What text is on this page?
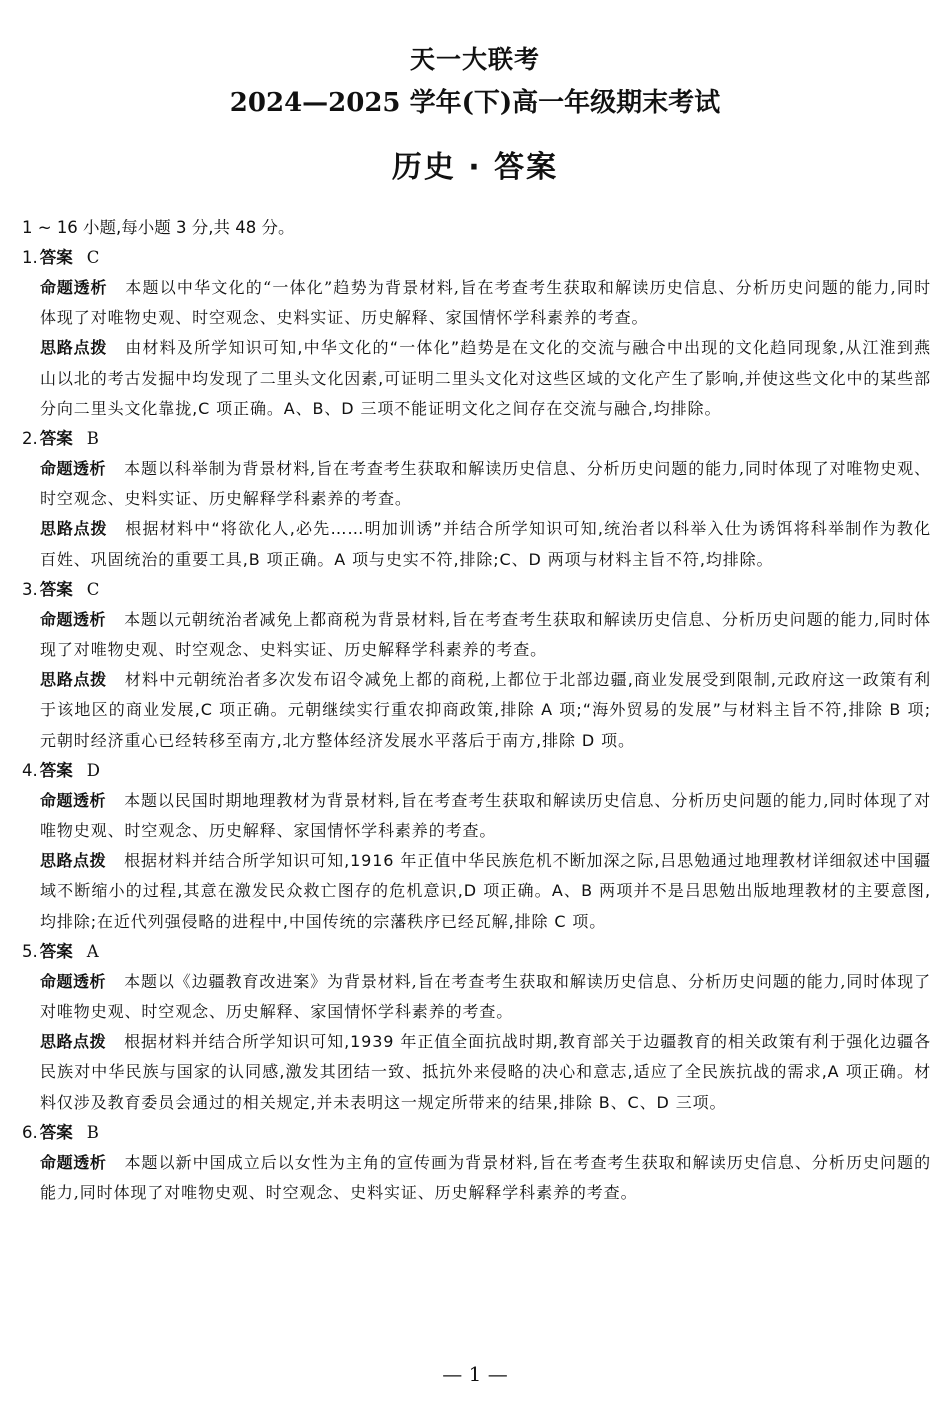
天一大联考
2024—2025 学年(下)高一年级期末考试
历史 · 答案
1 ~ 16 小题,每小题 3 分,共 48 分。
1. 答案 C
命题透析 本题以中华文化的“一体化”趋势为背景材料,旨在考查考生获取和解读历史信息、分析历史问题的能力,同时体现了对唯物史观、时空观念、史料实证、历史解释、家国情怀学科素养的考查。
思路点拨 由材料及所学知识可知,中华文化的“一体化”趋势是在文化的交流与融合中出现的文化趋同现象,从江淮到燕山以北的考古发掘中均发现了二里头文化因素,可证明二里头文化对这些区域的文化产生了影响,并使这些文化中的某些部分向二里头文化靠拢,C 项正确。A、B、D 三项不能证明文化之间存在交流与融合,均排除。
2. 答案 B
命题透析 本题以科举制为背景材料,旨在考查考生获取和解读历史信息、分析历史问题的能力,同时体现了对唯物史观、时空观念、史料实证、历史解释学科素养的考查。
思路点拨 根据材料中“将欲化人,必先……明加训诱”并结合所学知识可知,统治者以科举入仕为诱饵将科举制作为教化百姓、巩固统治的重要工具,B 项正确。A 项与史实不符,排除;C、D 两项与材料主旨不符,均排除。
3. 答案 C
命题透析 本题以元朝统治者减免上都商税为背景材料,旨在考查考生获取和解读历史信息、分析历史问题的能力,同时体现了对唯物史观、时空观念、史料实证、历史解释学科素养的考查。
思路点拨 材料中元朝统治者多次发布诏令减免上都的商税,上都位于北部边疆,商业发展受到限制,元政府这一政策有利于该地区的商业发展,C 项正确。元朝继续实行重农抑商政策,排除 A 项;“海外贸易的发展”与材料主旨不符,排除 B 项;元朝时经济重心已经转移至南方,北方整体经济发展水平落后于南方,排除 D 项。
4. 答案 D
命题透析 本题以民国时期地理教材为背景材料,旨在考查考生获取和解读历史信息、分析历史问题的能力,同时体现了对唯物史观、时空观念、历史解释、家国情怀学科素养的考查。
思路点拨 根据材料并结合所学知识可知,1916 年正值中华民族危机不断加深之际,吕思勉通过地理教材详细叙述中国疆域不断缩小的过程,其意在激发民众救亡图存的危机意识,D 项正确。A、B 两项并不是吕思勉出版地理教材的主要意图,均排除;在近代列强侵略的进程中,中国传统的宗藩秩序已经瓦解,排除 C 项。
5. 答案 A
命题透析 本题以《边疆教育改进案》为背景材料,旨在考查考生获取和解读历史信息、分析历史问题的能力,同时体现了对唯物史观、时空观念、历史解释、家国情怀学科素养的考查。
思路点拨 根据材料并结合所学知识可知,1939 年正值全面抗战时期,教育部关于边疆教育的相关政策有利于强化边疆各民族对中华民族与国家的认同感,激发其团结一致、抵抗外来侵略的决心和意志,适应了全民族抗战的需求,A 项正确。材料仅涉及教育委员会通过的相关规定,并未表明这一规定所带来的结果,排除 B、C、D 三项。
6. 答案 B
命题透析 本题以新中国成立后以女性为主角的宣传画为背景材料,旨在考查考生获取和解读历史信息、分析历史问题的能力,同时体现了对唯物史观、时空观念、史料实证、历史解释学科素养的考查。
— 1 —
